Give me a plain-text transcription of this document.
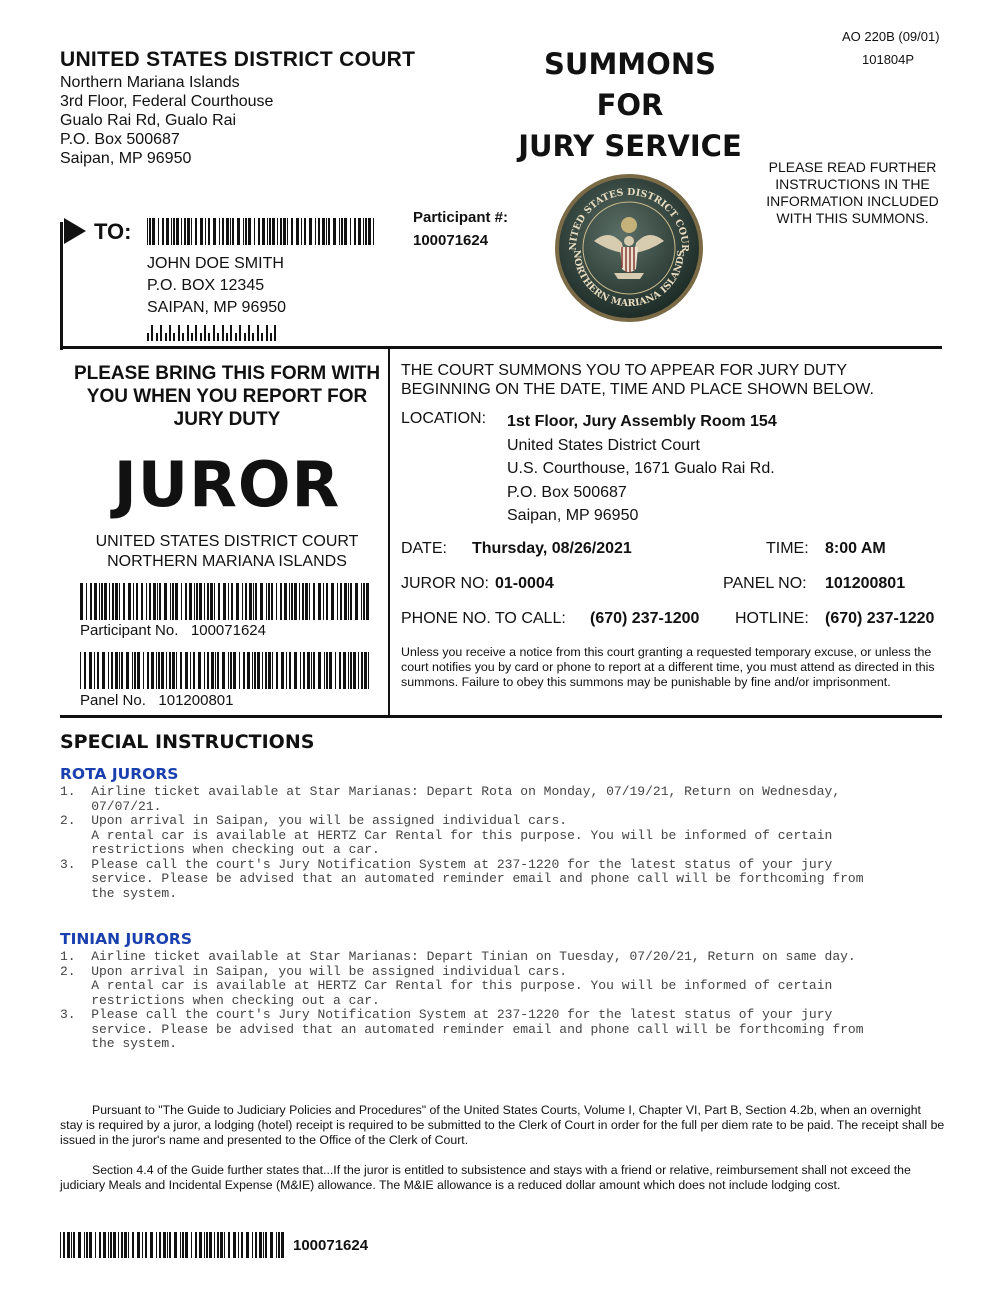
UNITED STATES DISTRICT COURT
Northern Mariana Islands
3rd Floor, Federal Courthouse
Gualo Rai Rd, Gualo Rai
P.O. Box 500687
Saipan, MP 96950
AO 220B (09/01)
101804P
SUMMONS
FOR
JURY SERVICE
PLEASE READ FURTHER INSTRUCTIONS IN THE INFORMATION INCLUDED WITH THIS SUMMONS.
TO:
JOHN DOE SMITH
P.O. BOX 12345
SAIPAN, MP 96950
Participant #:
100071624	NITED STATES DISTRICT COUR
NORTHERN MARIANA ISLANDS
PLEASE BRING THIS FORM WITH YOU WHEN YOU REPORT FOR JURY DUTY
JUROR
UNITED STATES DISTRICT COURT
NORTHERN MARIANA ISLANDS
Participant No. 100071624
Panel No. 101200801
THE COURT SUMMONS YOU TO APPEAR FOR JURY DUTY
BEGINNING ON THE DATE, TIME AND PLACE SHOWN BELOW.
LOCATION: 1st Floor, Jury Assembly Room 154
United States District Court
U.S. Courthouse, 1671 Gualo Rai Rd.
P.O. Box 500687
Saipan, MP 96950
DATE: Thursday, 08/26/2021	TIME: 8:00 AM
JUROR NO: 01-0004	PANEL NO: 101200801
PHONE NO. TO CALL: (670) 237-1200 HOTLINE: (670) 237-1220
Unless you receive a notice from this court granting a requested temporary excuse, or unless the court notifies you by card or phone to report at a different time, you must attend as directed in this summons. Failure to obey this summons may be punishable by fine and/or imprisonment.
SPECIAL INSTRUCTIONS
ROTA JURORS
1.  Airline ticket available at Star Marianas: Depart Rota on Monday, 07/19/21, Return on Wednesday,
07/07/21.
2.  Upon arrival in Saipan, you will be assigned individual cars.
A rental car is available at HERTZ Car Rental for this purpose. You will be informed of certain
restrictions when checking out a car.
3.  Please call the court's Jury Notification System at 237-1220 for the latest status of your jury
service. Please be advised that an automated reminder email and phone call will be forthcoming from
the system.
TINIAN JURORS
1.  Airline ticket available at Star Marianas: Depart Tinian on Tuesday, 07/20/21, Return on same day.
2.  Upon arrival in Saipan, you will be assigned individual cars.
A rental car is available at HERTZ Car Rental for this purpose. You will be informed of certain
restrictions when checking out a car.
3.  Please call the court's Jury Notification System at 237-1220 for the latest status of your jury
service. Please be advised that an automated reminder email and phone call will be forthcoming from
the system.
Pursuant to "The Guide to Judiciary Policies and Procedures" of the United States Courts, Volume I, Chapter VI, Part B, Section 4.2b, when an overnight stay is required by a juror, a lodging (hotel) receipt is required to be submitted to the Clerk of Court in order for the full per diem rate to be paid. The receipt shall be issued in the juror's name and presented to the Office of the Clerk of Court.
Section 4.4 of the Guide further states that...If the juror is entitled to subsistence and stays with a friend or relative, reimbursement shall not exceed the judiciary Meals and Incidental Expense (M&IE) allowance. The M&IE allowance is a reduced dollar amount which does not include lodging cost.
100071624
